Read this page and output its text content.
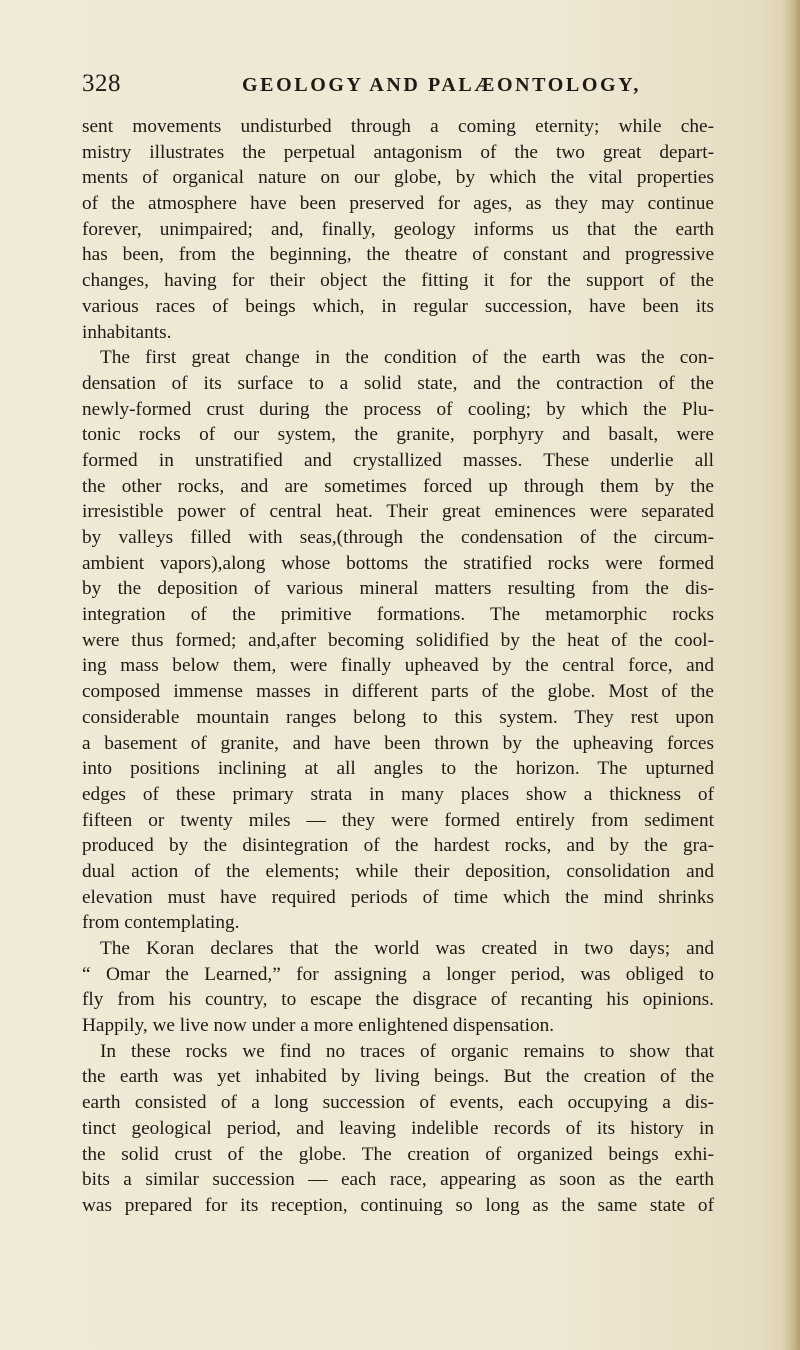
328	GEOLOGY AND PALÆONTOLOGY,
sent movements undisturbed through a coming eternity; while che-
mistry illustrates the perpetual antagonism of the two great depart-
ments of organical nature on our globe, by which the vital properties
of the atmosphere have been preserved for ages, as they may continue
forever, unimpaired; and, finally, geology informs us that the earth
has been, from the beginning, the theatre of constant and progressive
changes, having for their object the fitting it for the support of the
various races of beings which, in regular succession, have been its
inhabitants.
The first great change in the condition of the earth was the con-
densation of its surface to a solid state, and the contraction of the
newly-formed crust during the process of cooling; by which the Plu-
tonic rocks of our system, the granite, porphyry and basalt, were
formed in unstratified and crystallized masses. These underlie all
the other rocks, and are sometimes forced up through them by the
irresistible power of central heat. Their great eminences were separated
by valleys filled with seas,(through the condensation of the circum-
ambient vapors),along whose bottoms the stratified rocks were formed
by the deposition of various mineral matters resulting from the dis-
integration of the primitive formations. The metamorphic rocks
were thus formed; and,after becoming solidified by the heat of the cool-
ing mass below them, were finally upheaved by the central force, and
composed immense masses in different parts of the globe. Most of the
considerable mountain ranges belong to this system. They rest upon
a basement of granite, and have been thrown by the upheaving forces
into positions inclining at all angles to the horizon. The upturned
edges of these primary strata in many places show a thickness of
fifteen or twenty miles — they were formed entirely from sediment
produced by the disintegration of the hardest rocks, and by the gra-
dual action of the elements; while their deposition, consolidation and
elevation must have required periods of time which the mind shrinks
from contemplating.
The Koran declares that the world was created in two days; and
“ Omar the Learned,” for assigning a longer period, was obliged to
fly from his country, to escape the disgrace of recanting his opinions.
Happily, we live now under a more enlightened dispensation.
In these rocks we find no traces of organic remains to show that
the earth was yet inhabited by living beings. But the creation of the
earth consisted of a long succession of events, each occupying a dis-
tinct geological period, and leaving indelible records of its history in
the solid crust of the globe. The creation of organized beings exhi-
bits a similar succession — each race, appearing as soon as the earth
was prepared for its reception, continuing so long as the same state of
